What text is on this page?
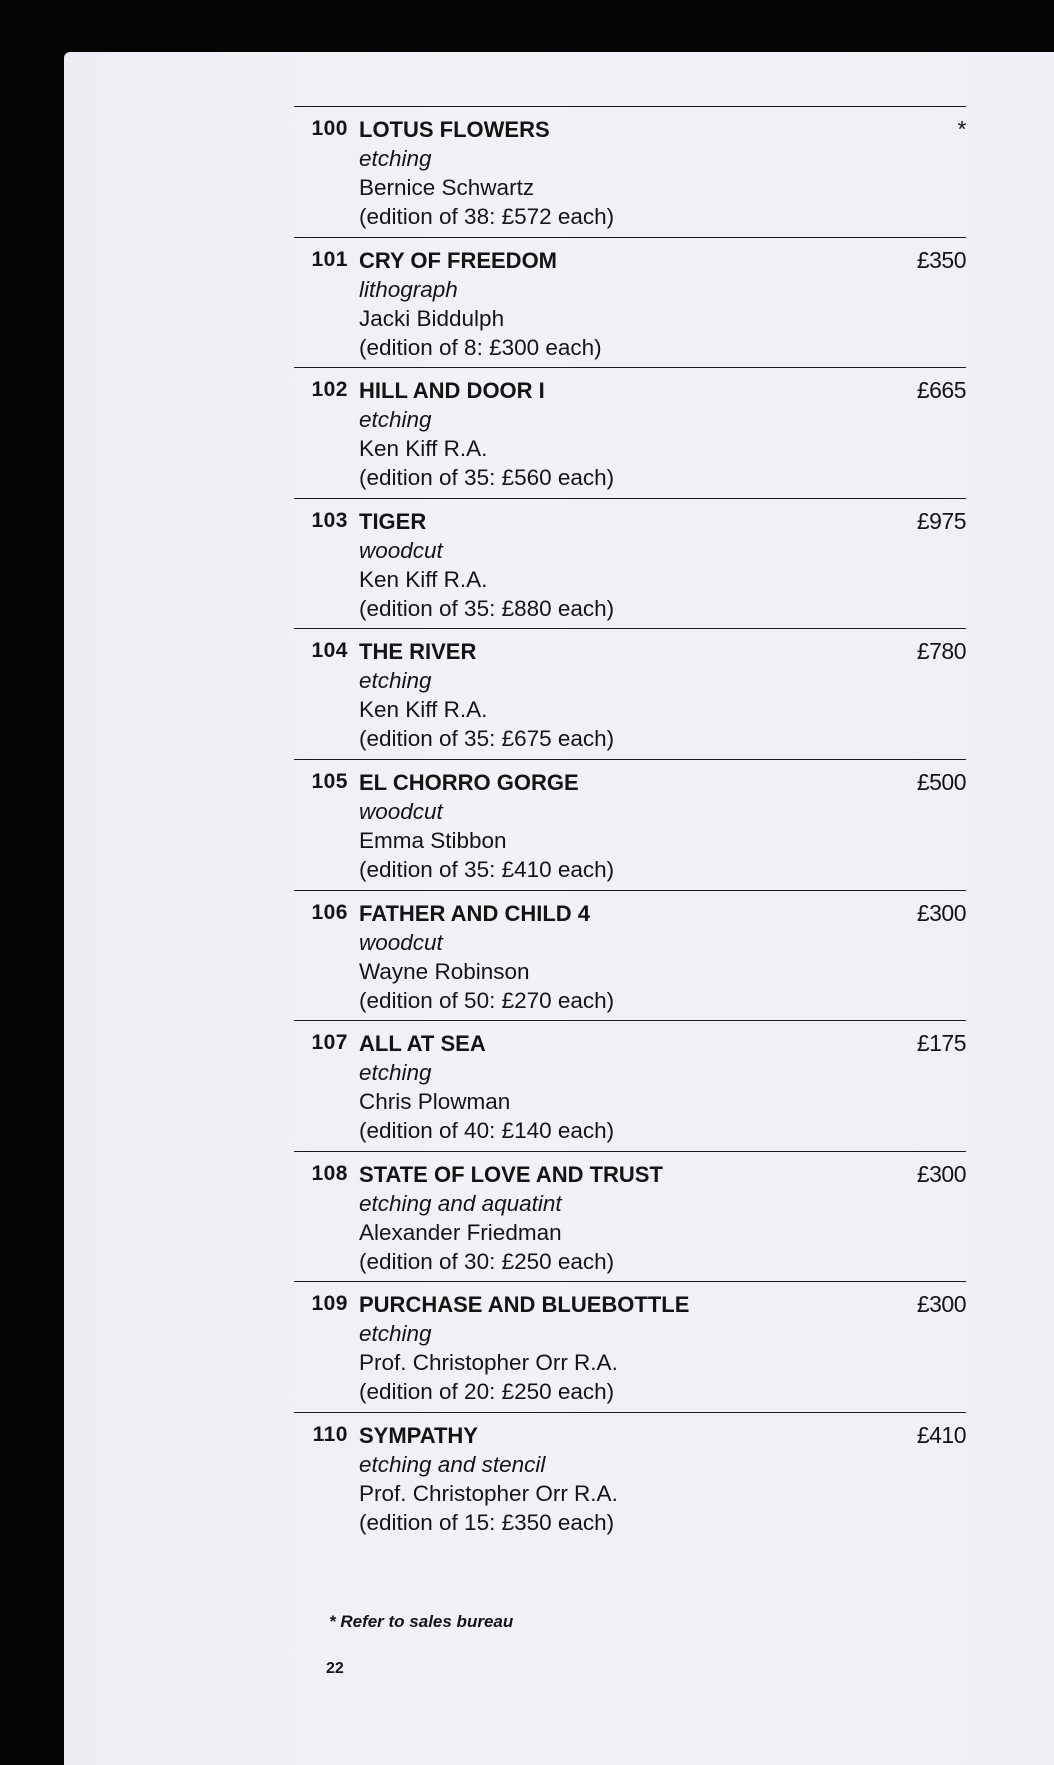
100 LOTUS FLOWERS
etching
Bernice Schwartz
(edition of 38: £572 each)
*
101 CRY OF FREEDOM
lithograph
Jacki Biddulph
(edition of 8: £300 each)
£350
102 HILL AND DOOR I
etching
Ken Kiff R.A.
(edition of 35: £560 each)
£665
103 TIGER
woodcut
Ken Kiff R.A.
(edition of 35: £880 each)
£975
104 THE RIVER
etching
Ken Kiff R.A.
(edition of 35: £675 each)
£780
105 EL CHORRO GORGE
woodcut
Emma Stibbon
(edition of 35: £410 each)
£500
106 FATHER AND CHILD 4
woodcut
Wayne Robinson
(edition of 50: £270 each)
£300
107 ALL AT SEA
etching
Chris Plowman
(edition of 40: £140 each)
£175
108 STATE OF LOVE AND TRUST
etching and aquatint
Alexander Friedman
(edition of 30: £250 each)
£300
109 PURCHASE AND BLUEBOTTLE
etching
Prof. Christopher Orr R.A.
(edition of 20: £250 each)
£300
110 SYMPATHY
etching and stencil
Prof. Christopher Orr R.A.
(edition of 15: £350 each)
£410
* Refer to sales bureau
22
